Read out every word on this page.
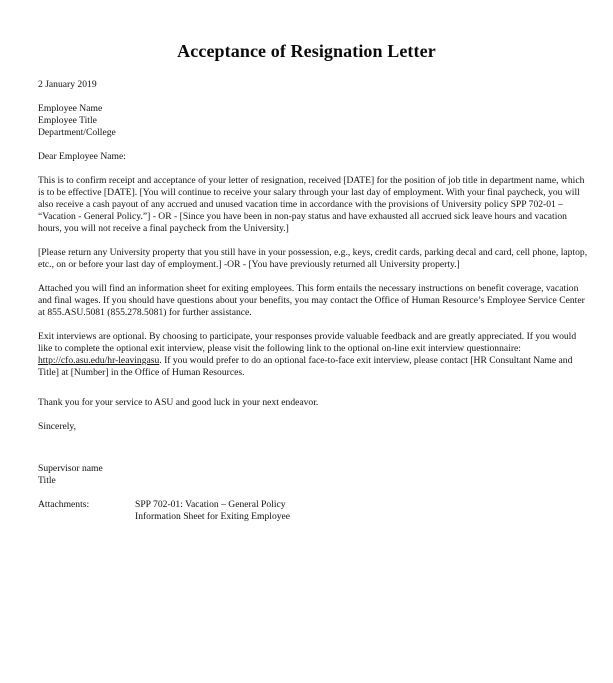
Acceptance of Resignation Letter

2 January 2019

Employee Name

Employee Title

Department/College

Dear Employee Name:

This is to confirm receipt and acceptance of your letter of resignation, received [DATE] for the position of job title in department name, which is to be effective [DATE]. [You will continue to receive your salary through your last day of employment. With your final paycheck, you will also receive a cash payout of any accrued and unused vacation time in accordance with the provisions of University policy SPP 702-01 – “Vacation - General Policy.”] - OR - [Since you have been in non-pay status and have exhausted all accrued sick leave hours and vacation hours, you will not receive a final paycheck from the University.]

[Please return any University property that you still have in your possession, e.g., keys, credit cards, parking decal and card, cell phone, laptop, etc., on or before your last day of employment.] -OR - [You have previously returned all University property.]

Attached you will find an information sheet for exiting employees. This form entails the necessary instructions on benefit coverage, vacation and final wages. If you should have questions about your benefits, you may contact the Office of Human Resource’s Employee Service Center at 855.ASU.5081 (855.278.5081) for further assistance.

Exit interviews are optional. By choosing to participate, your responses provide valuable feedback and are greatly appreciated. If you would like to complete the optional exit interview, please visit the following link to the optional on-line exit interview questionnaire: http://cfo.asu.edu/hr-leavingasu. If you would prefer to do an optional face-to-face exit interview, please contact [HR Consultant Name and Title] at [Number] in the Office of Human Resources.

Thank you for your service to ASU and good luck in your next endeavor.

Sincerely,

Supervisor name

Title

Attachments:	SPP 702-01: Vacation – General Policy

Information Sheet for Exiting Employee
